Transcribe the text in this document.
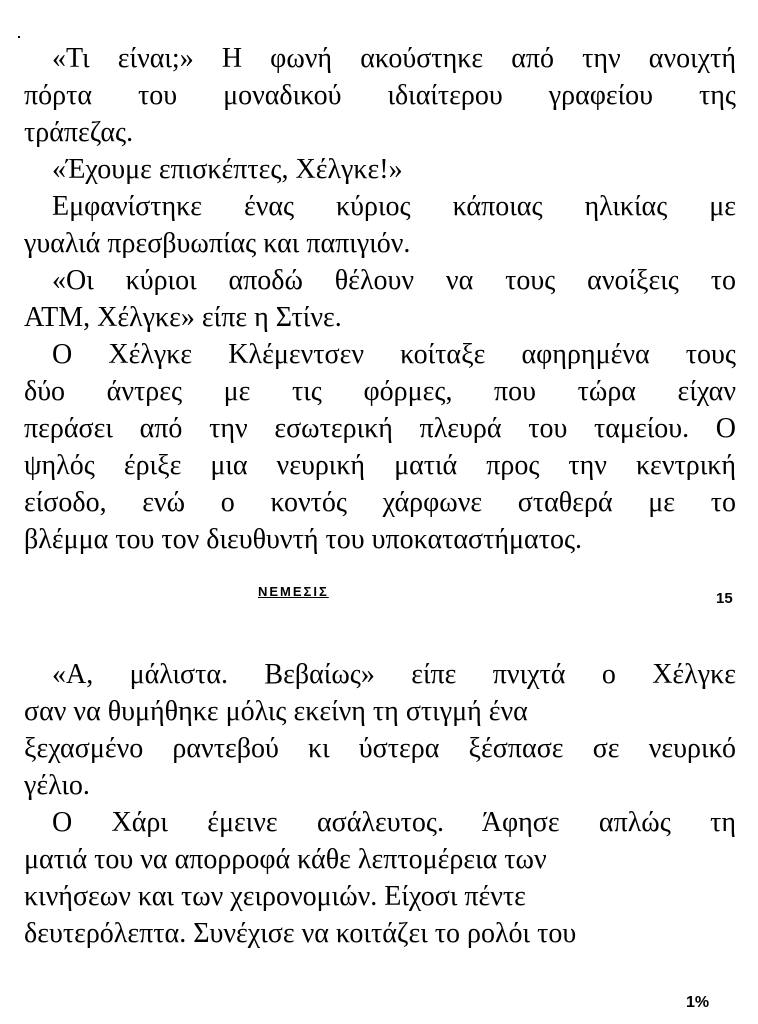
«Τι είναι;» Η φωνή ακούστηκε από την ανοιχτή
πόρτα του μοναδικού ιδιαίτερου γραφείου της
τράπεζας.
«Έχουμε επισκέπτες, Χέλγκε!»
Εμφανίστηκε ένας κύριος κάποιας ηλικίας με
γυαλιά πρεσβυωπίας και παπιγιόν.
«Οι κύριοι αποδώ θέλουν να τους ανοίξεις το
ATM, Χέλγκε» είπε η Στίνε.
Ο Χέλγκε Κλέμεντσεν κοίταξε αφηρημένα τους
δύο άντρες με τις φόρμες, που τώρα είχαν
περάσει από την εσωτερική πλευρά του ταμείου. Ο
ψηλός έριξε μια νευρική ματιά προς την κεντρική
είσοδο, ενώ ο κοντός χάρφωνε σταθερά με το
βλέμμα του τον διευθυντή του υποκαταστήματος.
ΝΕΜΕΣΙΣ	15
«Α, μάλιστα. Βεβαίως» είπε πνιχτά ο Χέλγκε
σαν να θυμήθηκε μόλις εκείνη τη στιγμή ένα
ξεχασμένο ραντεβού κι ύστερα ξέσπασε σε νευρικό
γέλιο.
Ο Χάρι έμεινε ασάλευτος. Άφησε απλώς τη
ματιά του να απορροφά κάθε λεπτομέρεια των
κινήσεων και των χειρονομιών. Είχοσι πέντε
δευτερόλεπτα. Συνέχισε να κοιτάζει το ρολόι του
1%
